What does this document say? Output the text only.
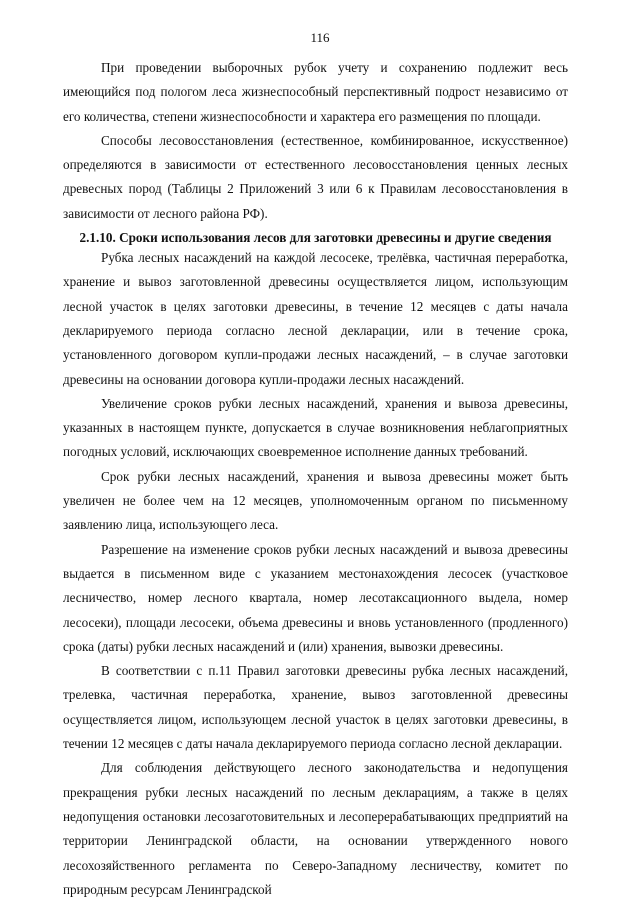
116

При проведении выборочных рубок учету и сохранению подлежит весь имеющийся под пологом леса жизнеспособный перспективный подрост независимо от его количества, степени жизнеспособности и характера его размещения по площади.

Способы лесовосстановления (естественное, комбинированное, искусственное) определяются в зависимости от естественного лесовосстановления ценных лесных древесных пород (Таблицы 2 Приложений 3 или 6 к Правилам лесовосстановления в зависимости от лесного района РФ).

2.1.10. Сроки использования лесов для заготовки древесины и другие сведения

Рубка лесных насаждений на каждой лесосеке, трелёвка, частичная переработка, хранение и вывоз заготовленной древесины осуществляется лицом, использующим лесной участок в целях заготовки древесины, в течение 12 месяцев с даты начала декларируемого периода согласно лесной декларации, или в течение срока, установленного договором купли-продажи лесных насаждений, – в случае заготовки древесины на основании договора купли-продажи лесных насаждений.

Увеличение сроков рубки лесных насаждений, хранения и вывоза древесины, указанных в настоящем пункте, допускается в случае возникновения неблагоприятных погодных условий, исключающих своевременное исполнение данных требований.

Срок рубки лесных насаждений, хранения и вывоза древесины может быть увеличен не более чем на 12 месяцев, уполномоченным органом по письменному заявлению лица, использующего леса.

Разрешение на изменение сроков рубки лесных насаждений и вывоза древесины выдается в письменном виде с указанием местонахождения лесосек (участковое лесничество, номер лесного квартала, номер лесотаксационного выдела, номер лесосеки), площади лесосеки, объема древесины и вновь установленного (продленного) срока (даты) рубки лесных насаждений и (или) хранения, вывозки древесины.

В соответствии с п.11 Правил заготовки древесины рубка лесных насаждений, трелевка, частичная переработка, хранение, вывоз заготовленной древесины осуществляется лицом, использующем лесной участок в целях заготовки древесины, в течении 12 месяцев с даты начала декларируемого периода согласно лесной декларации.

Для соблюдения действующего лесного законодательства и недопущения прекращения рубки лесных насаждений по лесным декларациям, а также в целях недопущения остановки лесозаготовительных и лесоперерабатывающих предприятий на территории Ленинградской области, на основании утвержденного нового лесохозяйственного регламента по Северо-Западному лесничеству, комитет по природным ресурсам Ленинградской
